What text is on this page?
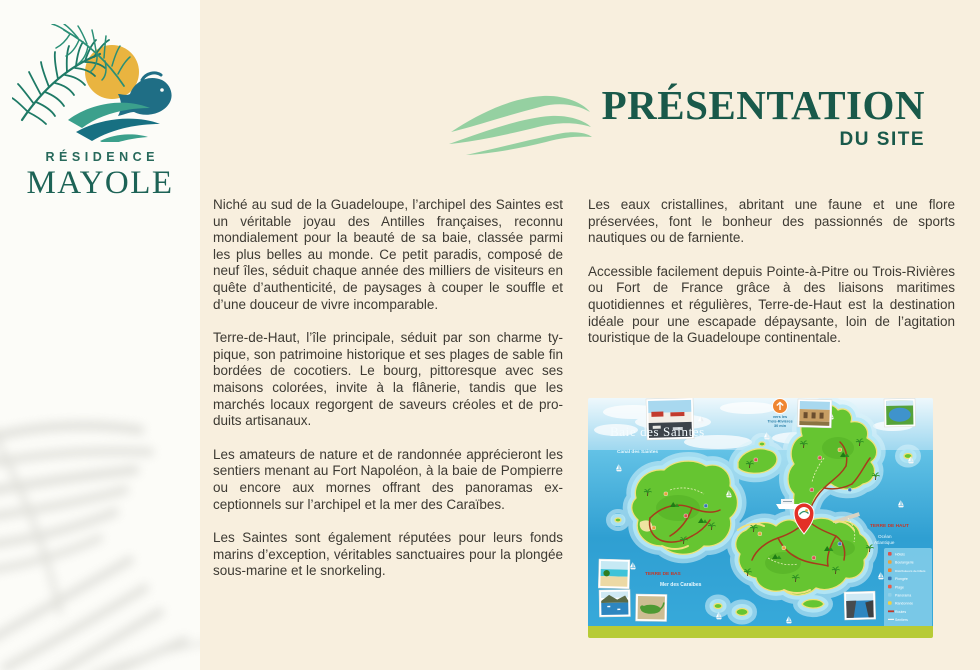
RÉSIDENCE
MAYOLE
PRÉSENTATION
DU SITE

Niché au sud de la Guadeloupe, l’archipel des Saintes est un véritable joyau des Antilles françaises, reconnu mondialement pour la beauté de sa baie, classée parmi les plus belles au monde. Ce petit paradis, composé de neuf îles, séduit chaque année des milliers de visiteurs en quête d’authenticité, de paysages à couper le souffle et d’une douceur de vivre incomparable.

Terre-de-Haut, l’île principale, séduit par son charme typique, son patrimoine historique et ses plages de sable fin bordées de cocotiers. Le bourg, pittoresque avec ses maisons colorées, invite à la flânerie, tandis que les marchés locaux regorgent de saveurs créoles et de produits artisanaux.

Les amateurs de nature et de randonnée apprécieront les sentiers menant au Fort Napoléon, à la baie de Pompierre ou encore aux mornes offrant des panoramas exceptionnels sur l’archipel et la mer des Caraïbes.

Les Saintes sont également réputées pour leurs fonds marins d’exception, véritables sanctuaires pour la plongée sous-marine et le snorkeling.

Les eaux cristallines, abritant une faune et une flore préservées, font le bonheur des passionnés de sports nautiques ou de farniente.

Accessible facilement depuis Pointe-à-Pitre ou Trois-Rivières ou Fort de France grâce à des liaisons maritimes quotidiennes et régulières, Terre-de-Haut est la destination idéale pour une escapade dépaysante, loin de l’agitation touristique de la Guadeloupe continentale.

vers les
Trois-Rivières
30 min
Baie des Saintes
Canal des Saintes
TERRE DE BAS
Mer des Caraïbes
TERRE DE HAUT
Océan
Atlantique
Hôtels
Boulangerie
Distributeurs de billets
Plongée
Plage
Panorama
Randonnée
Routes
Sentiers
